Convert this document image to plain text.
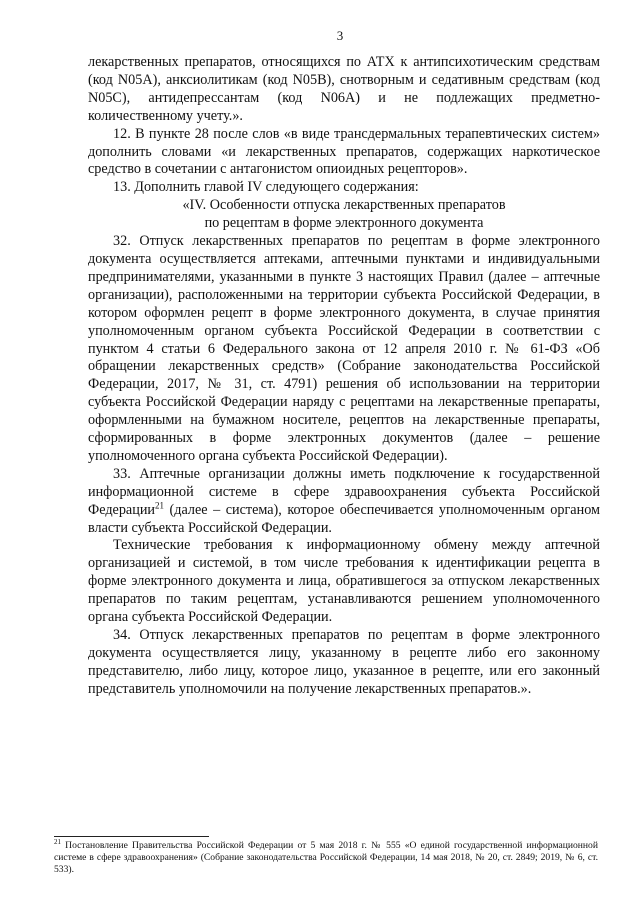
3

лекарственных препаратов, относящихся по АТХ к антипсихотическим средствам (код N05A), анксиолитикам (код N05B), снотворным и седативным средствам (код N05C), антидепрессантам (код N06A) и не подлежащих предметно-количественному учету.».

12. В пункте 28 после слов «в виде трансдермальных терапевтических систем» дополнить словами «и лекарственных препаратов, содержащих наркотическое средство в сочетании с антагонистом опиоидных рецепторов».

13. Дополнить главой IV следующего содержания:

«IV. Особенности отпуска лекарственных препаратов

по рецептам в форме электронного документа

32. Отпуск лекарственных препаратов по рецептам в форме электронного документа осуществляется аптеками, аптечными пунктами и индивидуальными предпринимателями, указанными в пункте 3 настоящих Правил (далее – аптечные организации), расположенными на территории субъекта Российской Федерации, в котором оформлен рецепт в форме электронного документа, в случае принятия уполномоченным органом субъекта Российской Федерации в соответствии с пунктом 4 статьи 6 Федерального закона от 12 апреля 2010 г. № 61-ФЗ «Об обращении лекарственных средств» (Собрание законодательства Российской Федерации, 2017, № 31, ст. 4791) решения об использовании на территории субъекта Российской Федерации наряду с рецептами на лекарственные препараты, оформленными на бумажном носителе, рецептов на лекарственные препараты, сформированных в форме электронных документов (далее – решение уполномоченного органа субъекта Российской Федерации).

33. Аптечные организации должны иметь подключение к государственной информационной системе в сфере здравоохранения субъекта Российской Федерации$^{21}$ (далее – система), которое обеспечивается уполномоченным органом власти субъекта Российской Федерации.

Технические требования к информационному обмену между аптечной организацией и системой, в том числе требования к идентификации рецепта в форме электронного документа и лица, обратившегося за отпуском лекарственных препаратов по таким рецептам, устанавливаются решением уполномоченного органа субъекта Российской Федерации.

34. Отпуск лекарственных препаратов по рецептам в форме электронного документа осуществляется лицу, указанному в рецепте либо его законному представителю, либо лицу, которое лицо, указанное в рецепте, или его законный представитель уполномочили на получение лекарственных препаратов.».

$^{21}$ Постановление Правительства Российской Федерации от 5 мая 2018 г. № 555 «О единой государственной информационной системе в сфере здравоохранения» (Собрание законодательства Российской Федерации, 14 мая 2018, № 20, ст. 2849; 2019, № 6, ст. 533).
